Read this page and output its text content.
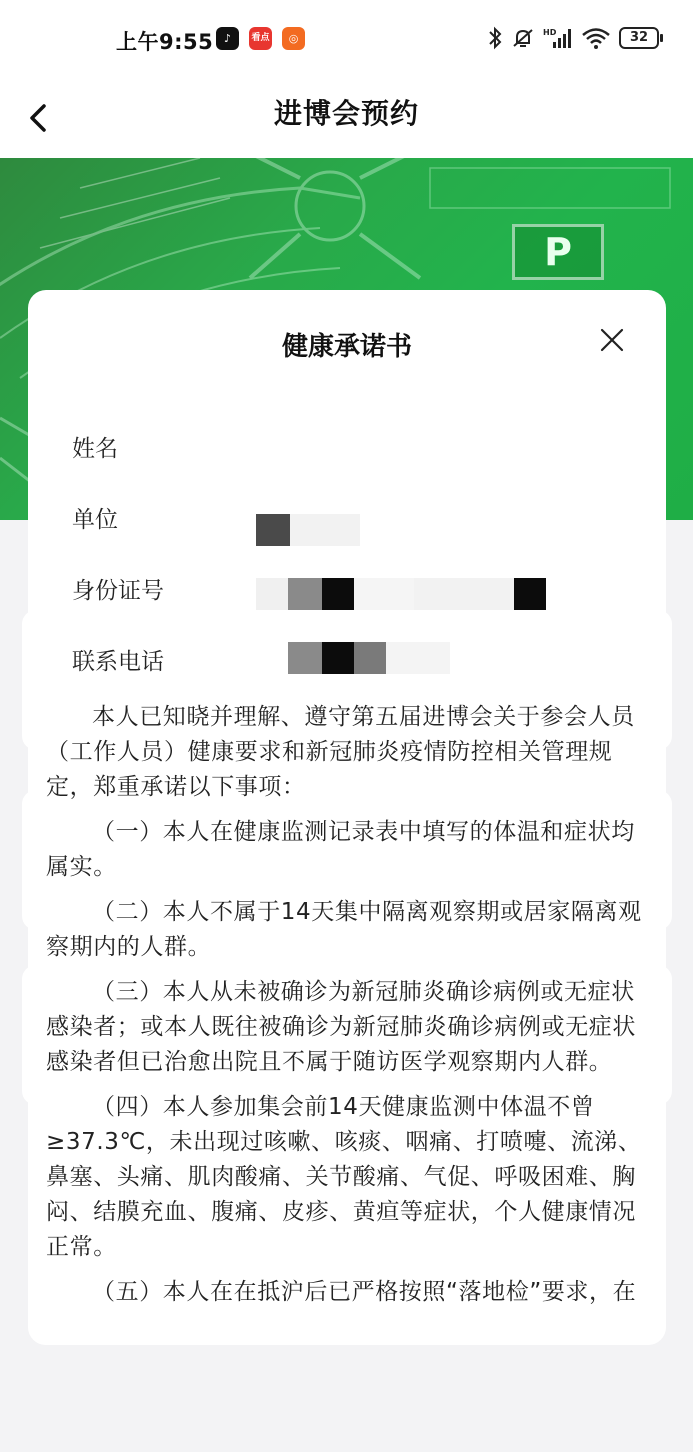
上午9:55 ♪	看点	◎	HD	32
进博会预约
P
健康承诺书
姓名
单位
身份证号
联系电话

本人已知晓并理解、遵守第五届进博会关于参会人员（工作人员）健康要求和新冠肺炎疫情防控相关管理规定，郑重承诺以下事项：

（一）本人在健康监测记录表中填写的体温和症状均属实。

（二）本人不属于14天集中隔离观察期或居家隔离观察期内的人群。

（三）本人从未被确诊为新冠肺炎确诊病例或无症状感染者；或本人既往被确诊为新冠肺炎确诊病例或无症状感染者但已治愈出院且不属于随访医学观察期内人群。

（四）本人参加集会前14天健康监测中体温不曾≥37.3℃，未出现过咳嗽、咳痰、咽痛、打喷嚏、流涕、鼻塞、头痛、肌肉酸痛、关节酸痛、气促、呼吸困难、胸闷、结膜充血、腹痛、皮疹、黄疸等症状，个人健康情况正常。

（五）本人在在抵沪后已严格按照“落地检”要求，在
